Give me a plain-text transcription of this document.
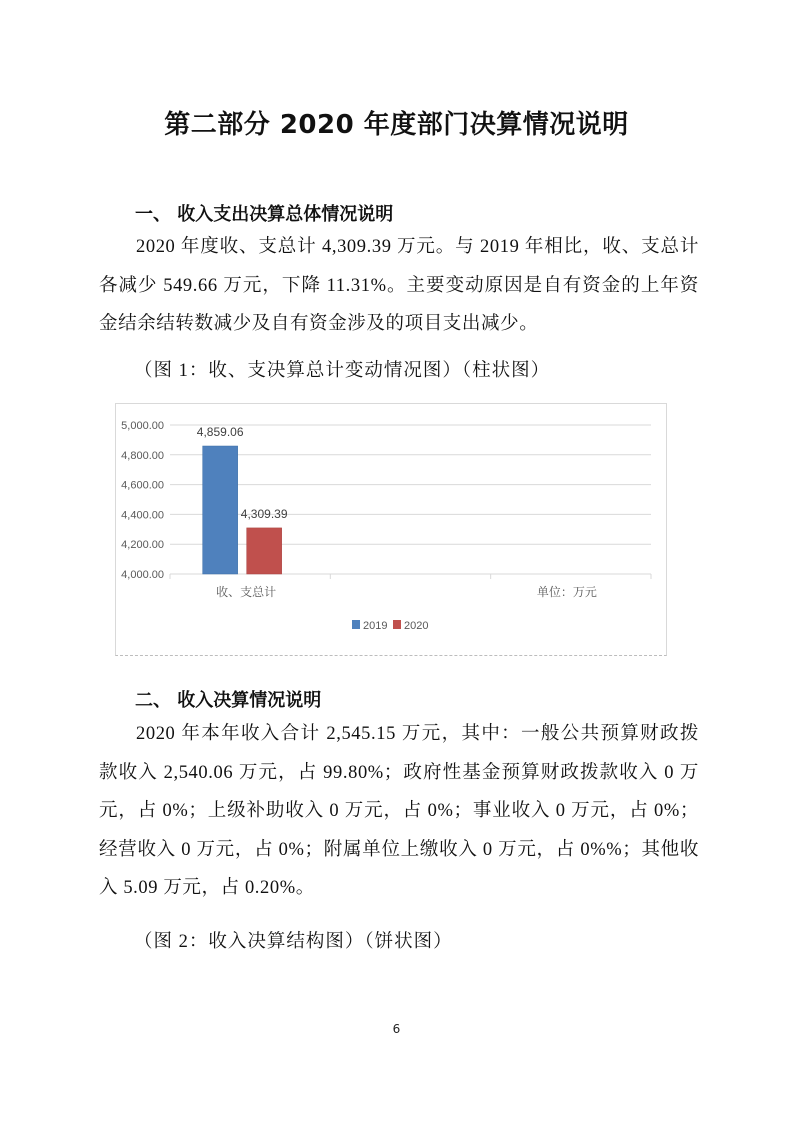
第二部分 2020 年度部门决算情况说明
一、 收入支出决算总体情况说明
2020 年度收、支总计 4,309.39 万元。与 2019 年相比，收、支总计各减少 549.66 万元，下降 11.31%。主要变动原因是自有资金的上年资金结余结转数减少及自有资金涉及的项目支出减少。
（图 1：收、支决算总计变动情况图）（柱状图）
4,000.00
4,200.00
4,400.00
4,600.00
4,800.00
5,000.00	4,859.06
4,309.39
收、支总计	单位：万元
2019 2020
二、 收入决算情况说明
2020 年本年收入合计 2,545.15 万元，其中：一般公共预算财政拨款收入 2,540.06 万元，占 99.80%；政府性基金预算财政拨款收入 0 万元，占 0%；上级补助收入 0 万元，占 0%；事业收入 0 万元，占 0%；经营收入 0 万元，占 0%；附属单位上缴收入 0 万元，占 0%%；其他收入 5.09 万元，占 0.20%。
（图 2：收入决算结构图）（饼状图）
6
